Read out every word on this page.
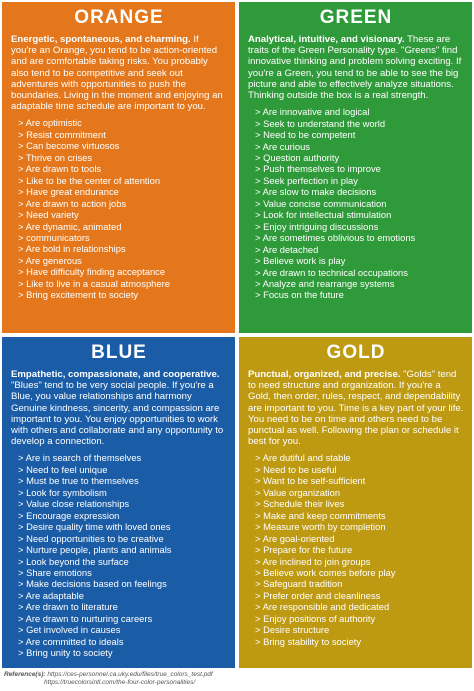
ORANGE

Energetic, spontaneous, and charming. If you're an Orange, you tend to be action-oriented and are comfortable taking risks. You probably also tend to be competitive and seek out adventures with opportunities to push the boundaries. Living in the moment and enjoying an adaptable time schedule are important to you.

> Are optimistic
> Resist commitment
> Can become virtuosos
> Thrive on crises
> Are drawn to tools
> Like to be the center of attention
> Have great endurance
> Are drawn to action jobs
> Need variety
> Are dynamic, animated
> communicators
> Are bold in relationships
> Are generous
> Have difficulty finding acceptance
> Like to live in a casual atmosphere
> Bring excitement to society
GREEN

Analytical, intuitive, and visionary. These are traits of the Green Personality type. "Greens" find innovative thinking and problem solving exciting. If you're a Green, you tend to be able to see the big picture and able to effectively analyze situations. Thinking outside the box is a real strength.

> Are innovative and logical
> Seek to understand the world
> Need to be competent
> Are curious
> Question authority
> Push themselves to improve
> Seek perfection in play
> Are slow to make decisions
> Value concise communication
> Look for intellectual stimulation
> Enjoy intriguing discussions
> Are sometimes oblivious to emotions
> Are detached
> Believe work is play
> Are drawn to technical occupations
> Analyze and rearrange systems
> Focus on the future
BLUE

Empathetic, compassionate, and cooperative. "Blues" tend to be very social people. If you're a Blue, you value relationships and harmony Genuine kindness, sincerity, and compassion are important to you. You enjoy opportunities to work with others and collaborate and any opportunity to develop a connection.

> Are in search of themselves
> Need to feel unique
> Must be true to themselves
> Look for symbolism
> Value close relationships
> Encourage expression
> Desire quality time with loved ones
> Need opportunities to be creative
> Nurture people, plants and animals
> Look beyond the surface
> Share emotions
> Make decisions based on feelings
> Are adaptable
> Are drawn to literature
> Are drawn to nurturing careers
> Get involved in causes
> Are committed to ideals
> Bring unity to society
GOLD

Punctual, organized, and precise. "Golds" tend to need structure and organization. If you're a Gold, then order, rules, respect, and dependability are important to you. Time is a key part of your life. You need to be on time and others need to be punctual as well. Following the plan or schedule it best for you.

> Are dutiful and stable
> Need to be useful
> Want to be self-sufficient
> Value organization
> Schedule their lives
> Make and keep commitments
> Measure worth by completion
> Are goal-oriented
> Prepare for the future
> Are inclined to join groups
> Believe work comes before play
> Safeguard tradition
> Prefer order and cleanliness
> Are responsible and dedicated
> Enjoy positions of authority
> Desire structure
> Bring stability to society
Reference(s): https://ces-personnel.ca.uky.edu/files/true_colors_test.pdf
https://truecolorsintl.com/the-four-color-personalities/
